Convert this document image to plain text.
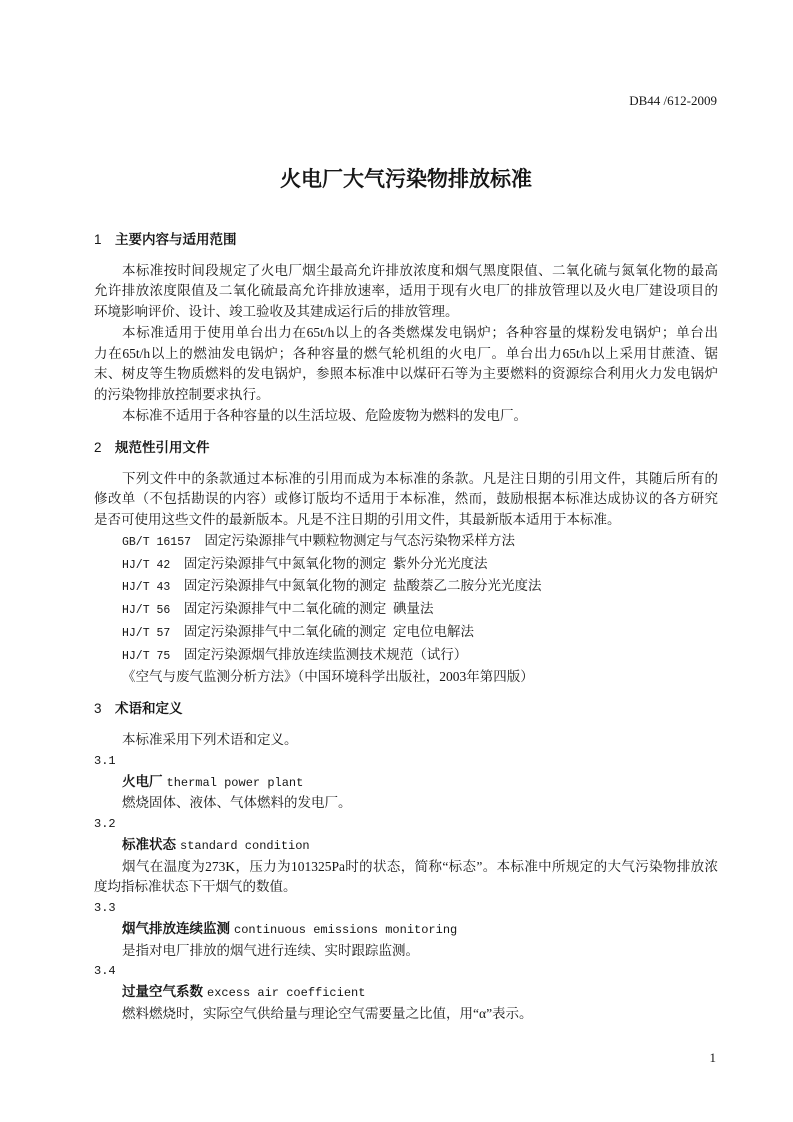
DB44 /612-2009
火电厂大气污染物排放标准
1 主要内容与适用范围
本标准按时间段规定了火电厂烟尘最高允许排放浓度和烟气黑度限值、二氧化硫与氮氧化物的最高
允许排放浓度限值及二氧化硫最高允许排放速率，适用于现有火电厂的排放管理以及火电厂建设项目的
环境影响评价、设计、竣工验收及其建成运行后的排放管理。
本标准适用于使用单台出力在65t/h以上的各类燃煤发电锅炉；各种容量的煤粉发电锅炉；单台出
力在65t/h以上的燃油发电锅炉；各种容量的燃气轮机组的火电厂。单台出力65t/h以上采用甘蔗渣、锯
末、树皮等生物质燃料的发电锅炉，参照本标准中以煤矸石等为主要燃料的资源综合利用火力发电锅炉
的污染物排放控制要求执行。
本标准不适用于各种容量的以生活垃圾、危险废物为燃料的发电厂。
2 规范性引用文件
下列文件中的条款通过本标准的引用而成为本标准的条款。凡是注日期的引用文件，其随后所有的
修改单（不包括勘误的内容）或修订版均不适用于本标准，然而，鼓励根据本标准达成协议的各方研究
是否可使用这些文件的最新版本。凡是不注日期的引用文件，其最新版本适用于本标准。
GB/T 16157 固定污染源排气中颗粒物测定与气态污染物采样方法
HJ/T 42 固定污染源排气中氮氧化物的测定  紫外分光光度法
HJ/T 43 固定污染源排气中氮氧化物的测定  盐酸萘乙二胺分光光度法
HJ/T 56 固定污染源排气中二氧化硫的测定  碘量法
HJ/T 57 固定污染源排气中二氧化硫的测定  定电位电解法
HJ/T 75 固定污染源烟气排放连续监测技术规范（试行）
《空气与废气监测分析方法》（中国环境科学出版社，2003年第四版）
3 术语和定义
本标准采用下列术语和定义。
3.1
火电厂 thermal power plant
燃烧固体、液体、气体燃料的发电厂。
3.2
标准状态 standard condition
烟气在温度为273K，压力为101325Pa时的状态，简称“标态”。本标准中所规定的大气污染物排放浓
度均指标准状态下干烟气的数值。
3.3
烟气排放连续监测 continuous emissions monitoring
是指对电厂排放的烟气进行连续、实时跟踪监测。
3.4
过量空气系数 excess air coefficient
燃料燃烧时，实际空气供给量与理论空气需要量之比值，用“α”表示。
1
